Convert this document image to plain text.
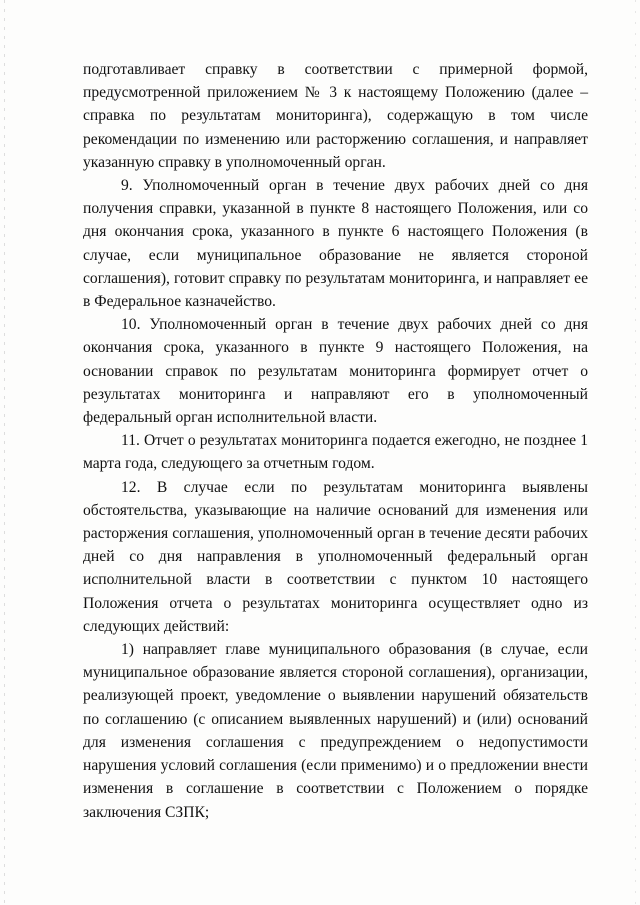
подготавливает справку в соответствии с примерной формой, предусмотренной приложением № 3 к настоящему Положению (далее – справка по результатам мониторинга), содержащую в том числе рекомендации по изменению или расторжению соглашения, и направляет указанную справку в уполномоченный орган.

9. Уполномоченный орган в течение двух рабочих дней со дня получения справки, указанной в пункте 8 настоящего Положения, или со дня окончания срока, указанного в пункте 6 настоящего Положения (в случае, если муниципальное образование не является стороной соглашения), готовит справку по результатам мониторинга, и направляет ее в Федеральное казначейство.

10. Уполномоченный орган в течение двух рабочих дней со дня окончания срока, указанного в пункте 9 настоящего Положения, на основании справок по результатам мониторинга формирует отчет о результатах мониторинга и направляют его в уполномоченный федеральный орган исполнительной власти.

11. Отчет о результатах мониторинга подается ежегодно, не позднее 1 марта года, следующего за отчетным годом.

12. В случае если по результатам мониторинга выявлены обстоятельства, указывающие на наличие оснований для изменения или расторжения соглашения, уполномоченный орган в течение десяти рабочих дней со дня направления в уполномоченный федеральный орган исполнительной власти в соответствии с пунктом 10 настоящего Положения отчета о результатах мониторинга осуществляет одно из следующих действий:

1) направляет главе муниципального образования (в случае, если муниципальное образование является стороной соглашения), организации, реализующей проект, уведомление о выявлении нарушений обязательств по соглашению (с описанием выявленных нарушений) и (или) оснований для изменения соглашения с предупреждением о недопустимости нарушения условий соглашения (если применимо) и о предложении внести изменения в соглашение в соответствии с Положением о порядке заключения СЗПК;
